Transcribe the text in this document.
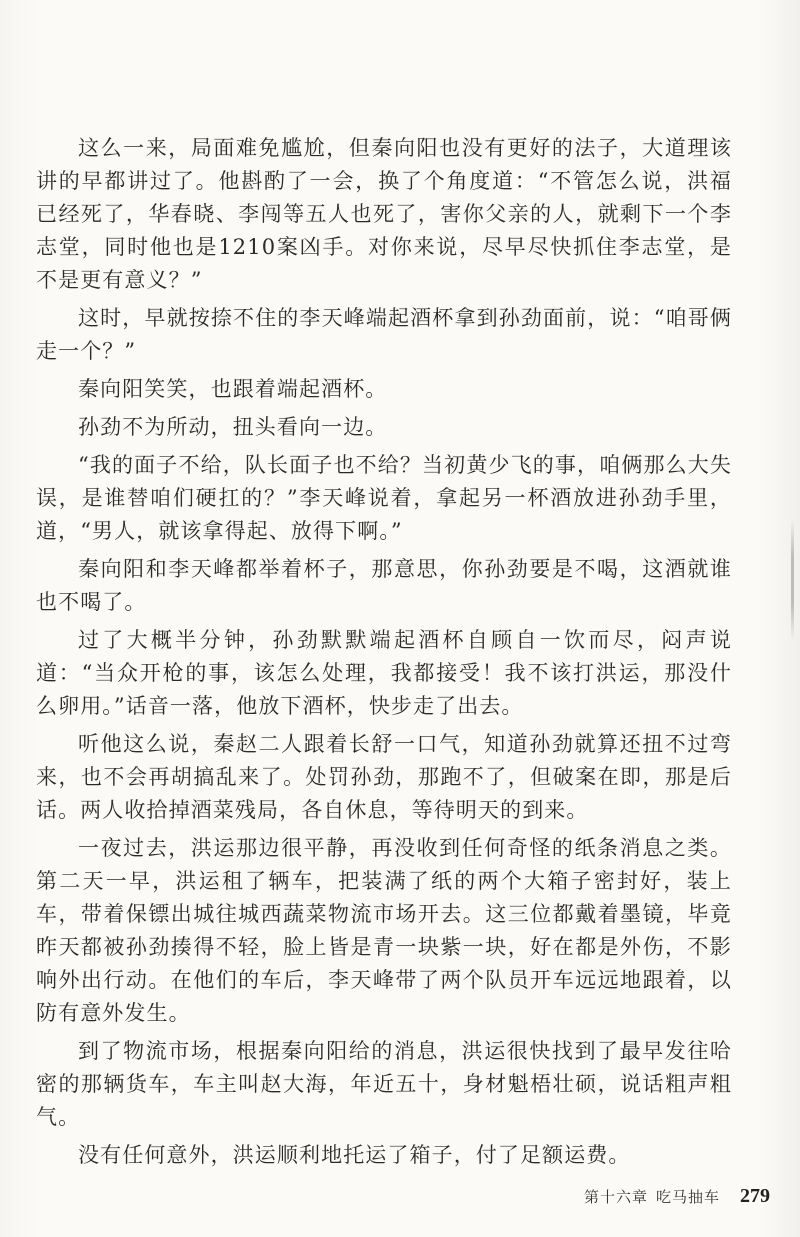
这么一来，局面难免尴尬，但秦向阳也没有更好的法子，大道理该讲的早都讲过了。他斟酌了一会，换了个角度道：“不管怎么说，洪福已经死了，华春晓、李闯等五人也死了，害你父亲的人，就剩下一个李志堂，同时他也是1210案凶手。对你来说，尽早尽快抓住李志堂，是不是更有意义？”

这时，早就按捺不住的李天峰端起酒杯拿到孙劲面前，说：“咱哥俩走一个？”

秦向阳笑笑，也跟着端起酒杯。

孙劲不为所动，扭头看向一边。

“我的面子不给，队长面子也不给？当初黄少飞的事，咱俩那么大失误，是谁替咱们硬扛的？”李天峰说着，拿起另一杯酒放进孙劲手里，道，“男人，就该拿得起、放得下啊。”

秦向阳和李天峰都举着杯子，那意思，你孙劲要是不喝，这酒就谁也不喝了。

过了大概半分钟，孙劲默默端起酒杯自顾自一饮而尽，闷声说道：“当众开枪的事，该怎么处理，我都接受！我不该打洪运，那没什么卵用。”话音一落，他放下酒杯，快步走了出去。

听他这么说，秦赵二人跟着长舒一口气，知道孙劲就算还扭不过弯来，也不会再胡搞乱来了。处罚孙劲，那跑不了，但破案在即，那是后话。两人收拾掉酒菜残局，各自休息，等待明天的到来。

一夜过去，洪运那边很平静，再没收到任何奇怪的纸条消息之类。第二天一早，洪运租了辆车，把装满了纸的两个大箱子密封好，装上车，带着保镖出城往城西蔬菜物流市场开去。这三位都戴着墨镜，毕竟昨天都被孙劲揍得不轻，脸上皆是青一块紫一块，好在都是外伤，不影响外出行动。在他们的车后，李天峰带了两个队员开车远远地跟着，以防有意外发生。

到了物流市场，根据秦向阳给的消息，洪运很快找到了最早发往哈密的那辆货车，车主叫赵大海，年近五十，身材魁梧壮硕，说话粗声粗气。

没有任何意外，洪运顺利地托运了箱子，付了足额运费。

第十六章 吃马抽车 279
